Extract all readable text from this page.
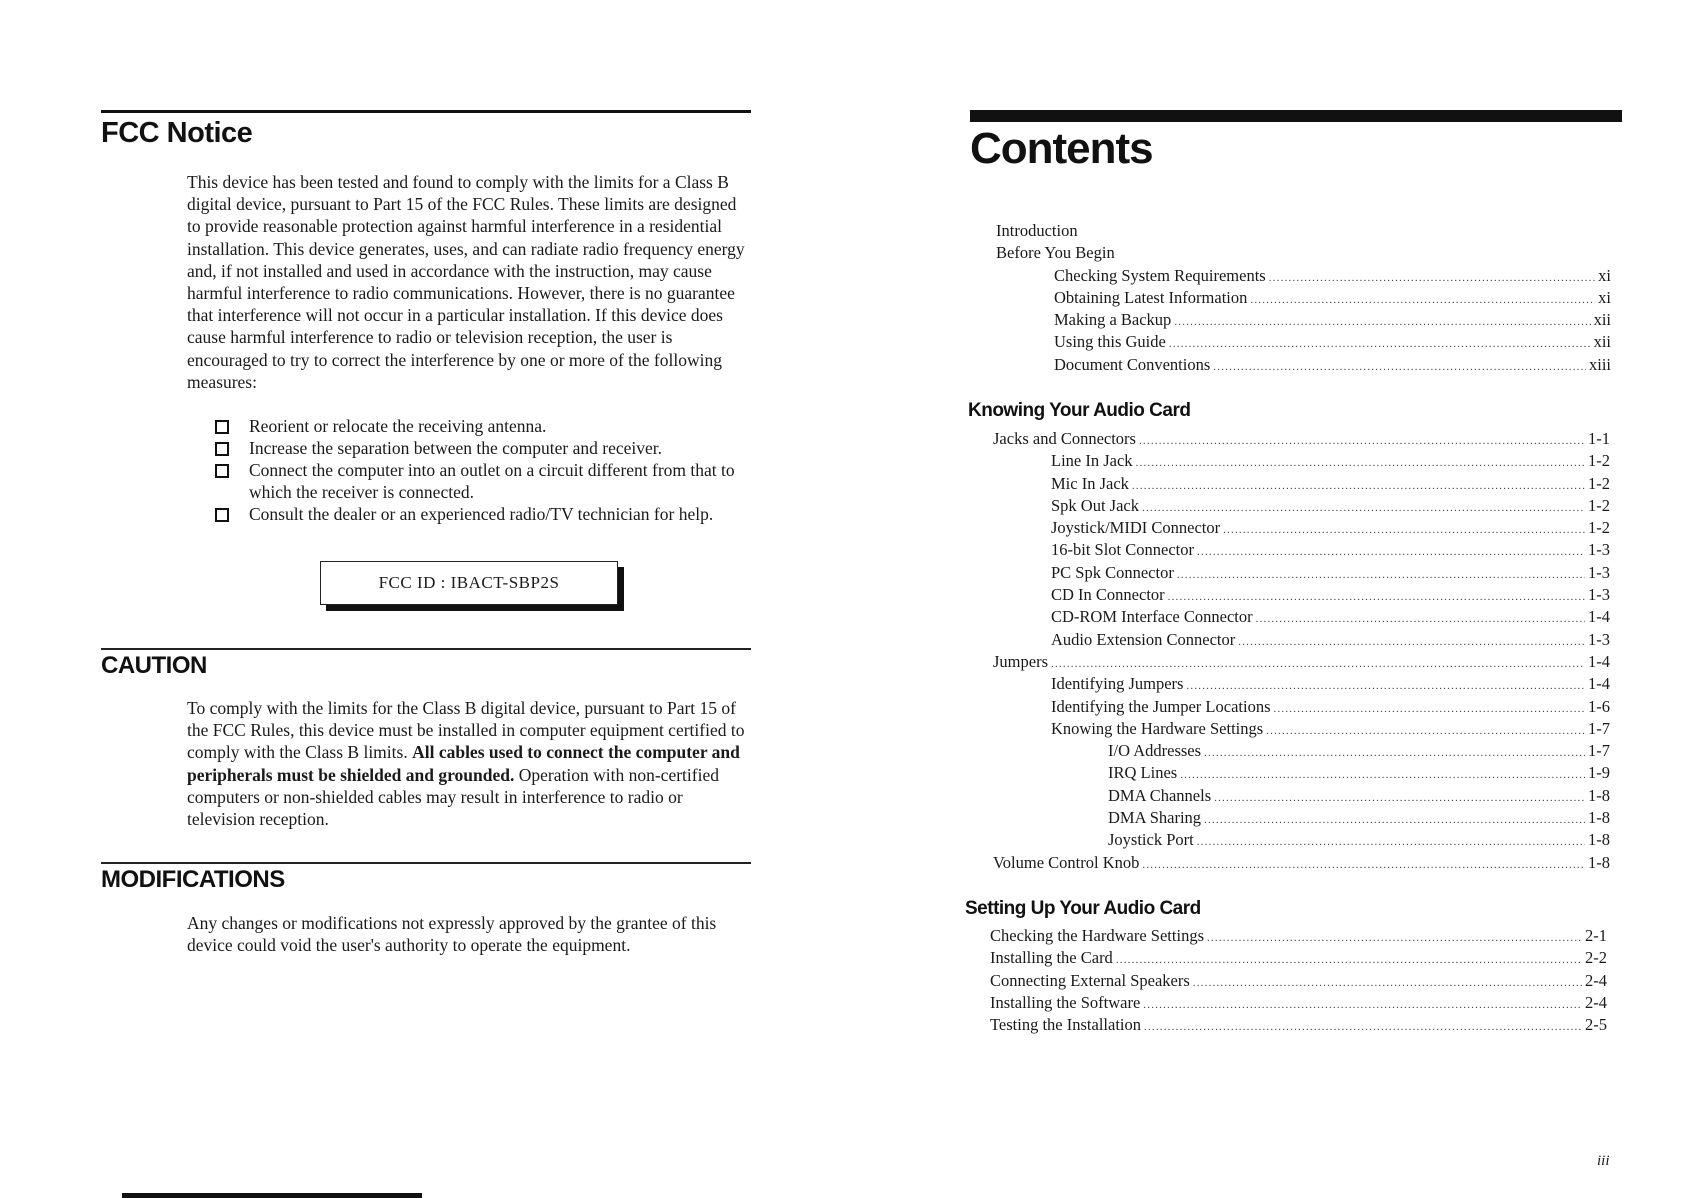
FCC Notice

This device has been tested and found to comply with the limits for a Class B digital device, pursuant to Part 15 of the FCC Rules. These limits are designed to provide reasonable protection against harmful interference in a residential installation. This device generates, uses, and can radiate radio frequency energy and, if not installed and used in accordance with the instruction, may cause harmful interference to radio communications. However, there is no guarantee that interference will not occur in a particular installation. If this device does cause harmful interference to radio or television reception, the user is encouraged to try to correct the interference by one or more of the following measures:

Reorient or relocate the receiving antenna.
Increase the separation between the computer and receiver.
Connect the computer into an outlet on a circuit different from that to which the receiver is connected.
Consult the dealer or an experienced radio/TV technician for help.
FCC ID : IBACT-SBP2S
CAUTION

To comply with the limits for the Class B digital device, pursuant to Part 15 of the FCC Rules, this device must be installed in computer equipment certified to comply with the Class B limits. All cables used to connect the computer and peripherals must be shielded and grounded. Operation with non-certified computers or non-shielded cables may result in interference to radio or television reception.

MODIFICATIONS

Any changes or modifications not expressly approved by the grantee of this device could void the user's authority to operate the equipment.

Contents
Introduction
Before You Begin
Checking System Requirements .....	xi
Obtaining Latest Information .....	xi
Making a Backup .....	xii
Using this Guide .....	xii
Document Conventions .....	xiii
Knowing Your Audio Card
Jacks and Connectors .....	1-1
Line In Jack .....	1-2
Mic In Jack .....	1-2
Spk Out Jack .....	1-2
Joystick/MIDI Connector .....	1-2
16-bit Slot Connector .....	1-3
PC Spk Connector .....	1-3
CD In Connector .....	1-3
CD-ROM Interface Connector .....	1-4
Audio Extension Connector .....	1-3
Jumpers .....	1-4
Identifying Jumpers .....	1-4
Identifying the Jumper Locations .....	1-6
Knowing the Hardware Settings .....	1-7
I/O Addresses .....	1-7
IRQ Lines .....	1-9
DMA Channels .....	1-8
DMA Sharing .....	1-8
Joystick Port .....	1-8
Volume Control Knob .....	1-8
Setting Up Your Audio Card
Checking the Hardware Settings .....	2-1
Installing the Card .....	2-2
Connecting External Speakers .....	2-4
Installing the Software .....	2-4
Testing the Installation .....	2-5
iii
